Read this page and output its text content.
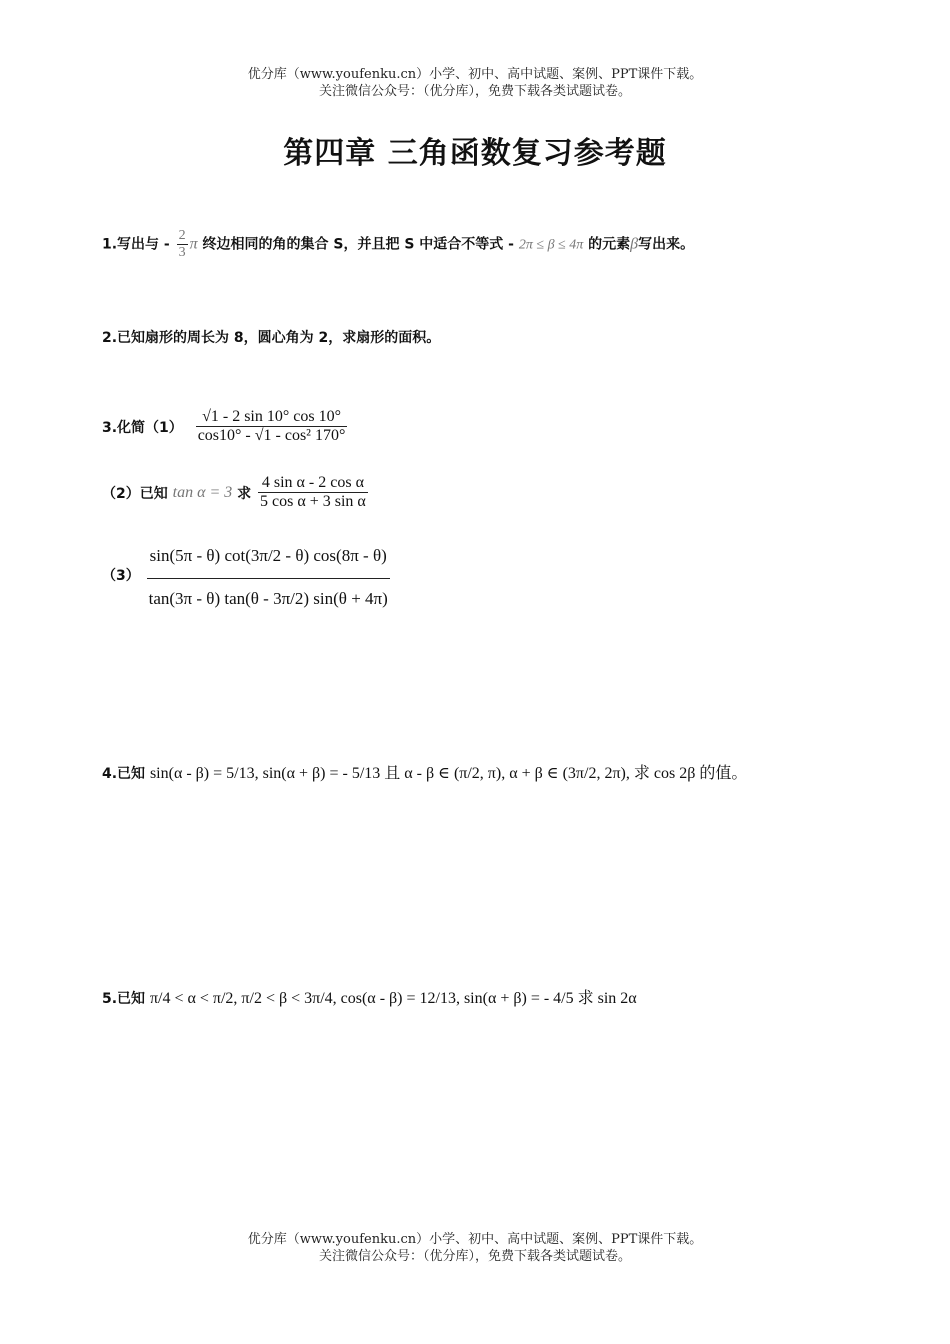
优分库（www.youfenku.cn）小学、初中、高中试题、案例、PPT课件下载。
关注微信公众号：（优分库），免费下载各类试题试卷。
第四章 三角函数复习参考题
1.写出与 - $\frac{2}{3}$ π 终边相同的角的集合 S，并且把 S 中适合不等式 - 2π ≤ β ≤ 4π 的元素β写出来。
2.已知扇形的周长为 8，圆心角为 2，求扇形的面积。
3.化简$(1) \frac{√1 - 2 \sin 10^\circ \cos 10^\circ}{\text{cos10° - √1 - cos² 170°}}$
（2）已知 tan α = 3 求 $\frac{\text{4 sin α - 2 cos α}}{\text{5 cos α + 3 sin α}}$
$(3) \frac{\sin(5\pi - \theta) \cot(3\pi/2 - \theta) \cos(8\pi - \theta)}{\tan(3\pi - \theta) \tan(\theta - 3\pi/2) \sin(\theta + 4\pi)}$
4.已知 sin(α - β) = 5/13, sin(α + β) = - 5/13 且 α - β ∈ (π/2, π), α + β ∈ (3π/2, 2π), 求 cos 2β 的值。
5.已知 π/4 < α < π/2, π/2 < β < 3π/4, cos(α - β) = 12/13, sin(α + β) = - 4/5 求 sin 2α
优分库（www.youfenku.cn）小学、初中、高中试题、案例、PPT课件下载。
关注微信公众号：（优分库），免费下载各类试题试卷。
